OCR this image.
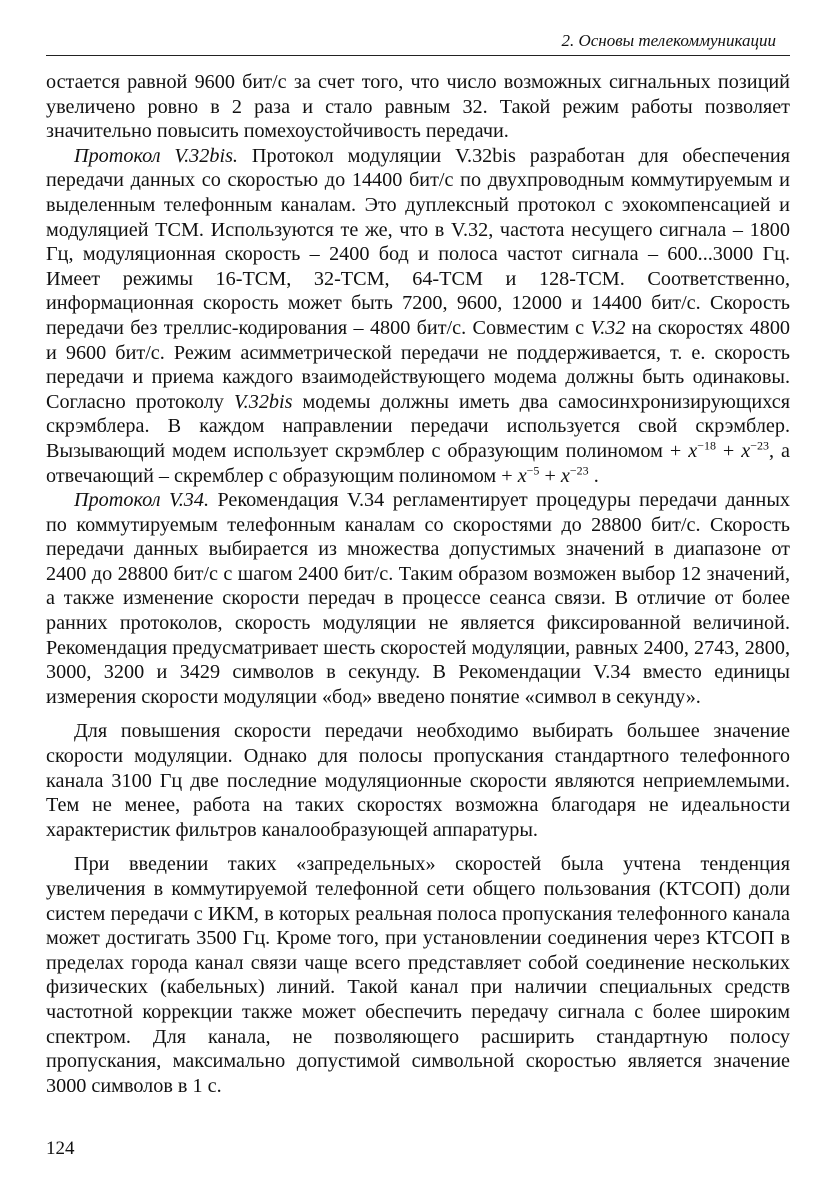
2. Основы телекоммуникации

остается равной 9600 бит/с за счет того, что число возможных сигнальных позиций увеличено ровно в 2 раза и стало равным 32. Такой режим работы позволяет значительно повысить помехоустойчивость передачи.

Протокол V.32bis. Протокол модуляции V.32bis разработан для обеспечения передачи данных со скоростью до 14400 бит/с по двухпроводным коммутируемым и выделенным телефонным каналам. Это дуплексный протокол с эхокомпенсацией и модуляцией ТСМ. Используются те же, что в V.32, частота несущего сигнала – 1800 Гц, модуляционная скорость – 2400 бод и полоса частот сигнала – 600...3000 Гц. Имеет режимы 16-ТСМ, 32-ТСМ, 64-ТСМ и 128-ТСМ. Соответственно, информационная скорость может быть 7200, 9600, 12000 и 14400 бит/с. Скорость передачи без треллис-кодирования – 4800 бит/с. Совместим с V.32 на скоростях 4800 и 9600 бит/с. Режим асимметрической передачи не поддерживается, т. е. скорость передачи и приема каждого взаимодействующего модема должны быть одинаковы. Согласно протоколу V.32bis модемы должны иметь два самосинхронизирующихся скрэмблера. В каждом направлении передачи используется свой скрэмблер. Вызывающий модем использует скрэмблер с образующим полиномом + $x^{-18} + x^{-23}$, а отвечающий – скремблер с образующим полиномом + $x^{-5} + x^{-23}$ .

Протокол V.34. Рекомендация V.34 регламентирует процедуры передачи данных по коммутируемым телефонным каналам со скоростями до 28800 бит/с. Скорость передачи данных выбирается из множества допустимых значений в диапазоне от 2400 до 28800 бит/с с шагом 2400 бит/с. Таким образом возможен выбор 12 значений, а также изменение скорости передач в процессе сеанса связи. В отличие от более ранних протоколов, скорость модуляции не является фиксированной величиной. Рекомендация предусматривает шесть скоростей модуляции, равных 2400, 2743, 2800, 3000, 3200 и 3429 символов в секунду. В Рекомендации V.34 вместо единицы измерения скорости модуляции «бод» введено понятие «символ в секунду».

Для повышения скорости передачи необходимо выбирать большее значение скорости модуляции. Однако для полосы пропускания стандартного телефонного канала 3100 Гц две последние модуляционные скорости являются неприемлемыми. Тем не менее, работа на таких скоростях возможна благодаря не идеальности характеристик фильтров каналообразующей аппаратуры.

При введении таких «запредельных» скоростей была учтена тенденция увеличения в коммутируемой телефонной сети общего пользования (КТСОП) доли систем передачи с ИКМ, в которых реальная полоса пропускания телефонного канала может достигать 3500 Гц. Кроме того, при установлении соединения через КТСОП в пределах города канал связи чаще всего представляет собой соединение нескольких физических (кабельных) линий. Такой канал при наличии специальных средств частотной коррекции также может обеспечить передачу сигнала с более широким спектром. Для канала, не позволяющего расширить стандартную полосу пропускания, максимально допустимой символьной скоростью является значение 3000 символов в 1 с.

124
